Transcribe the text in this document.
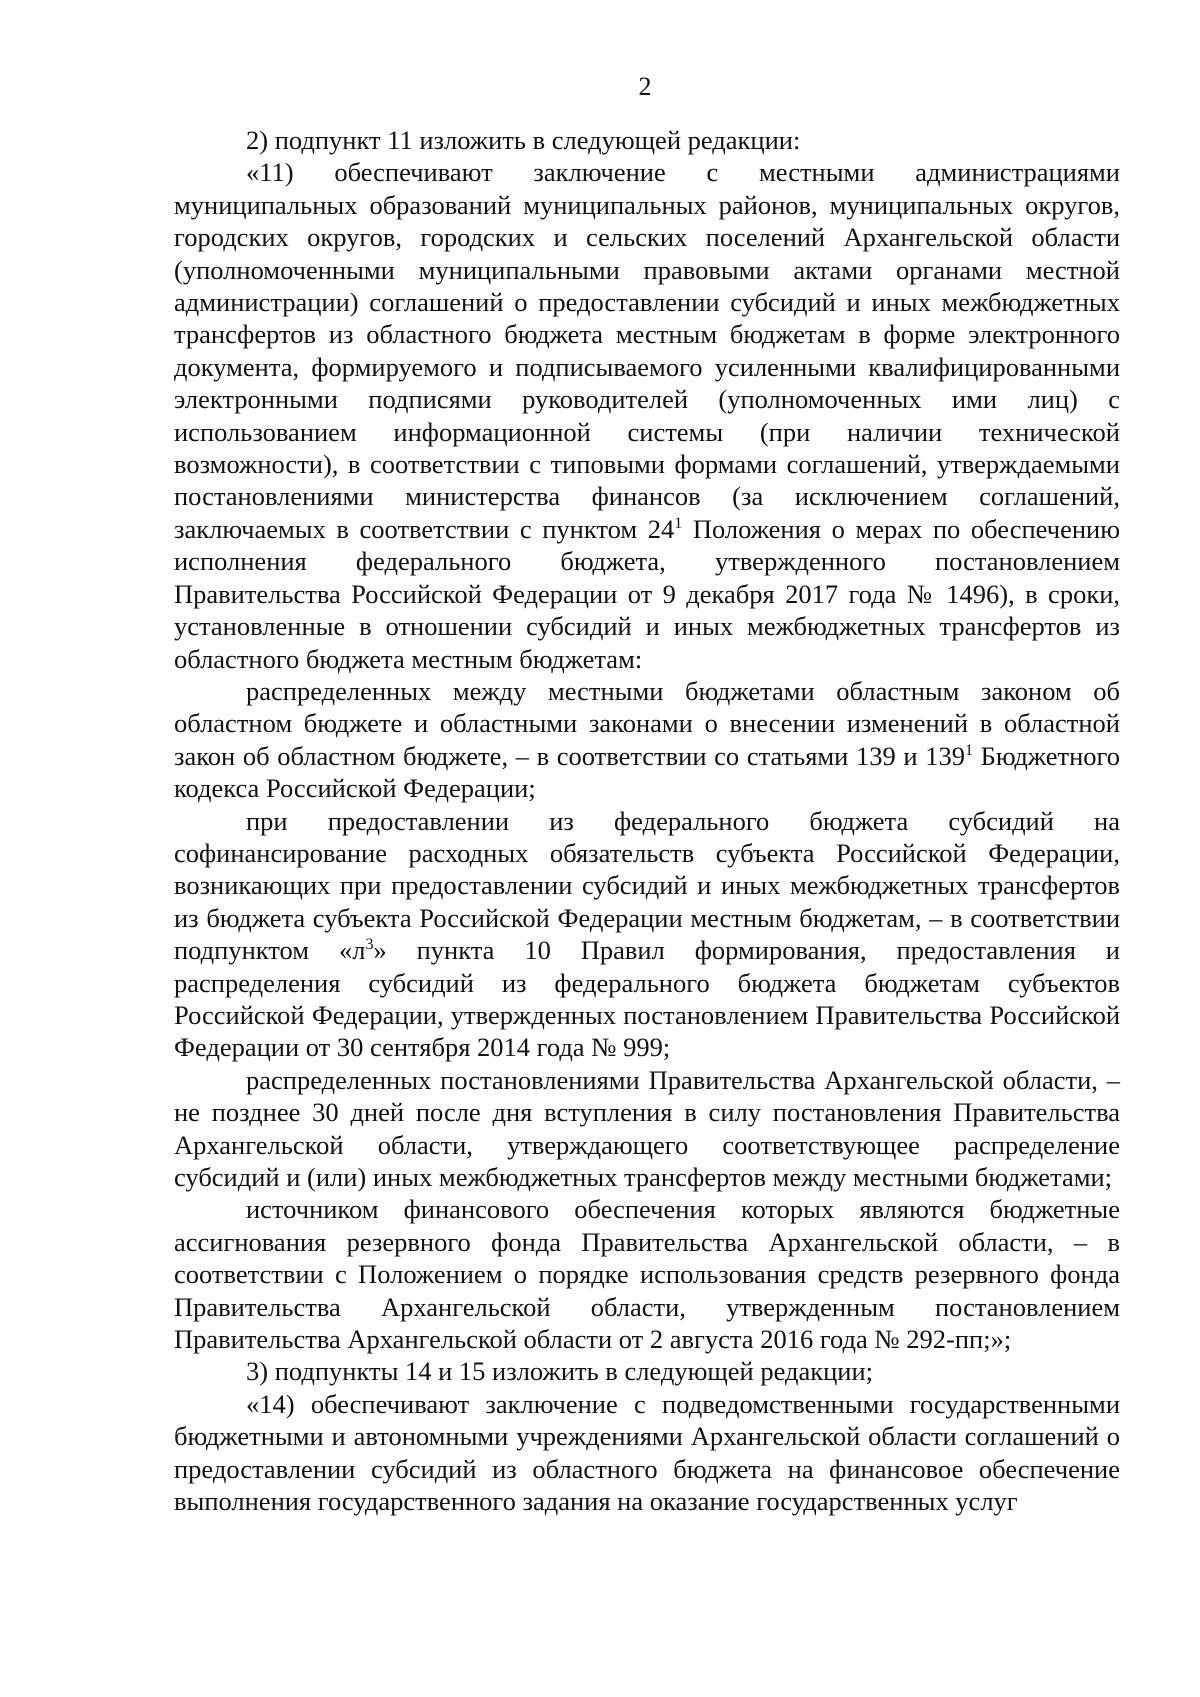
2

2) подпункт 11 изложить в следующей редакции:

«11) обеспечивают заключение с местными администрациями муниципальных образований муниципальных районов, муниципальных округов, городских округов, городских и сельских поселений Архангельской области (уполномоченными муниципальными правовыми актами органами местной администрации) соглашений о предоставлении субсидий и иных межбюджетных трансфертов из областного бюджета местным бюджетам в форме электронного документа, формируемого и подписываемого усиленными квалифицированными электронными подписями руководителей (уполномоченных ими лиц) с использованием информационной системы (при наличии технической возможности), в соответствии с типовыми формами соглашений, утверждаемыми постановлениями министерства финансов (за исключением соглашений, заключаемых в соответствии с пунктом $24^1$ Положения о мерах по обеспечению исполнения федерального бюджета, утвержденного постановлением Правительства Российской Федерации от 9 декабря 2017 года № 1496), в сроки, установленные в отношении субсидий и иных межбюджетных трансфертов из областного бюджета местным бюджетам:

распределенных между местными бюджетами областным законом об областном бюджете и областными законами о внесении изменений в областной закон об областном бюджете, – в соответствии со статьями 139 и $139^1$ Бюджетного кодекса Российской Федерации;

при предоставлении из федерального бюджета субсидий на софинансирование расходных обязательств субъекта Российской Федерации, возникающих при предоставлении субсидий и иных межбюджетных трансфертов из бюджета субъекта Российской Федерации местным бюджетам, – в соответствии подпунктом «$л^3$» пункта 10 Правил формирования, предоставления и распределения субсидий из федерального бюджета бюджетам субъектов Российской Федерации, утвержденных постановлением Правительства Российской Федерации от 30 сентября 2014 года № 999;

распределенных постановлениями Правительства Архангельской области, – не позднее 30 дней после дня вступления в силу постановления Правительства Архангельской области, утверждающего соответствующее распределение субсидий и (или) иных межбюджетных трансфертов между местными бюджетами;

источником финансового обеспечения которых являются бюджетные ассигнования резервного фонда Правительства Архангельской области, – в соответствии с Положением о порядке использования средств резервного фонда Правительства Архангельской области, утвержденным постановлением Правительства Архангельской области от 2 августа 2016 года № 292-пп;»;

3) подпункты 14 и 15 изложить в следующей редакции;

«14) обеспечивают заключение с подведомственными государственными бюджетными и автономными учреждениями Архангельской области соглашений о предоставлении субсидий из областного бюджета на финансовое обеспечение выполнения государственного задания на оказание государственных услуг
